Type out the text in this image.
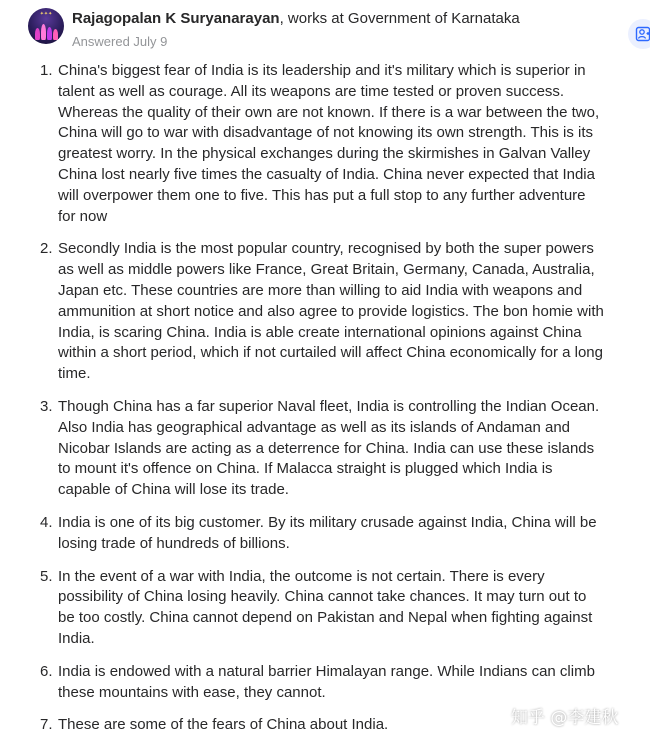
✦✦✦	Rajagopalan K Suryanarayan, works at Government of Karnataka
Answered July 9
1 . China's biggest fear of India is its leadership and it's military which is superior in talent as well as courage. All its weapons are time tested or proven success. Whereas the quality of their own are not known. If there is a war between the two, China will go to war with disadvantage of not knowing its own strength. This is its greatest worry. In the physical exchanges during the skirmishes in Galvan Valley China lost nearly five times the casualty of India. China never expected that India will overpower them one to five. This has put a full stop to any further adventure for now
2 . Secondly India is the most popular country, recognised by both the super powers as well as middle powers like France, Great Britain, Germany, Canada, Australia, Japan etc. These countries are more than willing to aid India with weapons and ammunition at short notice and also agree to provide logistics. The bon homie with India, is scaring China. India is able create international opinions against China within a short period, which if not curtailed will affect China economically for a long time.
3 . Though China has a far superior Naval fleet, India is controlling the Indian Ocean. Also India has geographical advantage as well as its islands of Andaman and Nicobar Islands are acting as a deterrence for China. India can use these islands to mount it's offence on China. If Malacca straight is plugged which India is capable of China will lose its trade.
4 . India is one of its big customer. By its military crusade against India, China will be losing trade of hundreds of billions.
5 . In the event of a war with India, the outcome is not certain. There is every possibility of China losing heavily. China cannot take chances. It may turn out to be too costly. China cannot depend on Pakistan and Nepal when fighting against India.
6 . India is endowed with a natural barrier Himalayan range. While Indians can climb these mountains with ease, they cannot.
7 . These are some of the fears of China about India.	知乎 @李建秋
